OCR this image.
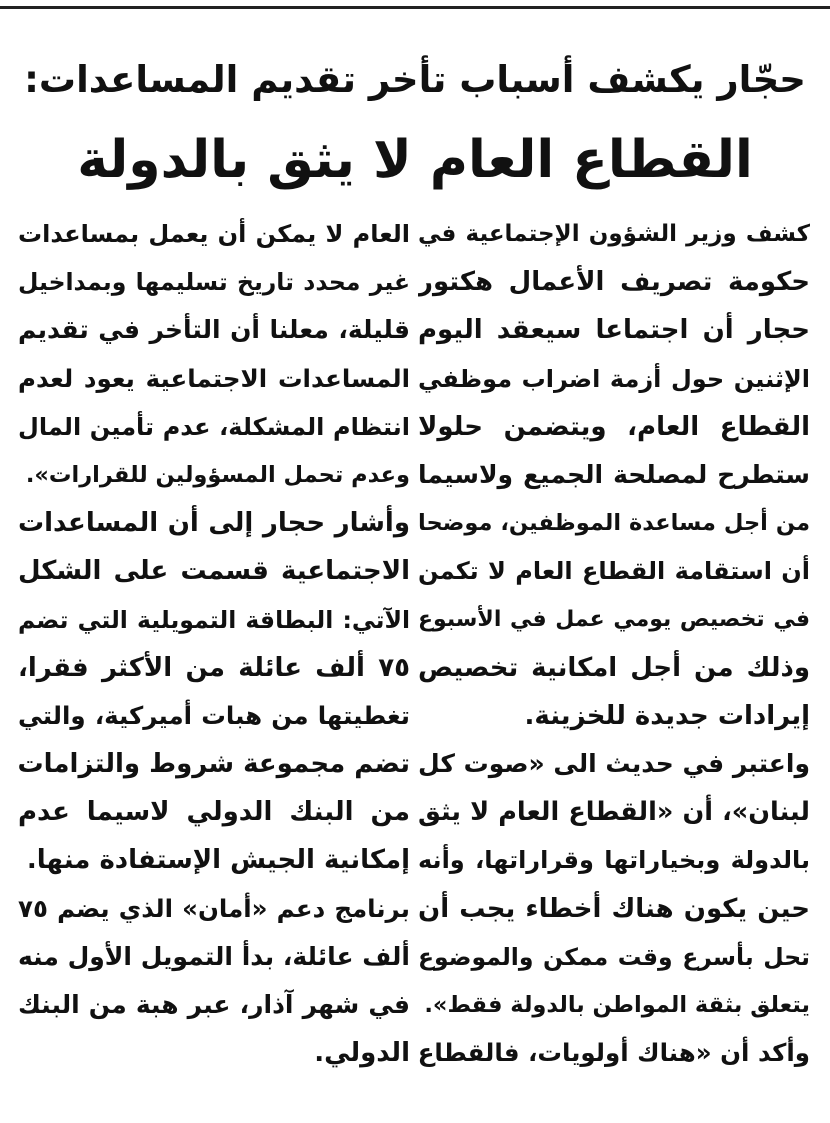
حجّار يكشف أسباب تأخر تقديم المساعدات:
القطاع العام لا يثق بالدولة
كشف وزير الشؤون الإجتماعية في
حكومة تصريف الأعمال هكتور
حجار أن اجتماعا سيعقد اليوم
الإثنين حول أزمة اضراب موظفي
القطاع العام، ويتضمن حلولا
ستطرح لمصلحة الجميع ولاسيما
من أجل مساعدة الموظفين، موضحا
أن استقامة القطاع العام لا تكمن
في تخصيص يومي عمل في الأسبوع
وذلك من أجل امكانية تخصيص
إيرادات جديدة للخزينة.
واعتبر في حديث الى «صوت كل
لبنان»، أن «القطاع العام لا يثق
بالدولة وبخياراتها وقراراتها، وأنه
حين يكون هناك أخطاء يجب أن
تحل بأسرع وقت ممكن والموضوع
يتعلق بثقة المواطن بالدولة فقط».
وأكد أن «هناك أولويات، فالقطاع
العام لا يمكن أن يعمل بمساعدات
غير محدد تاريخ تسليمها وبمداخيل
قليلة، معلنا أن التأخر في تقديم
المساعدات الاجتماعية يعود لعدم
انتظام المشكلة، عدم تأمين المال
وعدم تحمل المسؤولين للقرارات».
وأشار حجار إلى أن المساعدات
الاجتماعية قسمت على الشكل
الآتي: البطاقة التمويلية التي تضم
٧٥ ألف عائلة من الأكثر فقرا،
تغطيتها من هبات أميركية، والتي
تضم مجموعة شروط والتزامات
من البنك الدولي لاسيما عدم
إمكانية الجيش الإستفادة منها.
برنامج دعم «أمان» الذي يضم ٧٥
ألف عائلة، بدأ التمويل الأول منه
في شهر آذار، عبر هبة من البنك
الدولي.
